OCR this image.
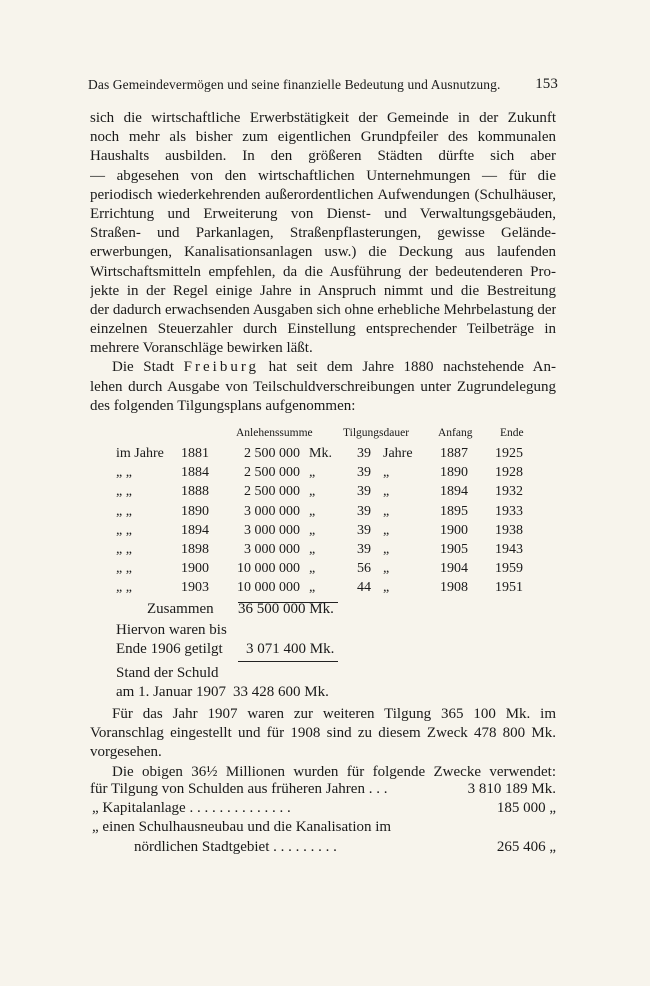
Das Gemeindevermögen und seine finanzielle Bedeutung und Ausnutzung. 153
sich die wirtschaftliche Erwerbstätigkeit der Gemeinde in der Zukunft
noch mehr als bisher zum eigentlichen Grundpfeiler des kommunalen
Haushalts ausbilden. In den größeren Städten dürfte sich aber
— abgesehen von den wirtschaftlichen Unternehmungen — für die
periodisch wiederkehrenden außerordentlichen Aufwendungen (Schulhäuser,
Errichtung und Erweiterung von Dienst- und Verwaltungsgebäuden,
Straßen- und Parkanlagen, Straßenpflasterungen, gewisse Gelände-
erwerbungen, Kanalisationsanlagen usw.) die Deckung aus laufenden
Wirtschaftsmitteln empfehlen, da die Ausführung der bedeutenderen Pro-
jekte in der Regel einige Jahre in Anspruch nimmt und die Bestreitung
der dadurch erwachsenden Ausgaben sich ohne erhebliche Mehrbelastung der
einzelnen Steuerzahler durch Einstellung entsprechender Teilbeträge in
mehrere Voranschläge bewirken läßt.
Die Stadt Freiburg hat seit dem Jahre 1880 nachstehende An-
lehen durch Ausgabe von Teilschuldverschreibungen unter Zugrundelegung
des folgenden Tilgungsplans aufgenommen:
Anlehenssumme	Tilgungsdauer	Anfang Ende
im Jahre 1881	2 500 000 Mk. 39 Jahre 1887 1925
„ „	1884	2 500 000 „	39 „	1890 1928
„ „	1888	2 500 000 „	39 „	1894 1932
„ „	1890	3 000 000 „	39 „	1895 1933
„ „	1894	3 000 000 „	39 „	1900 1938
„ „	1898	3 000 000 „	39 „	1905 1943
„ „	1900 10 000 000 „	56 „	1904 1959
„ „	1903 10 000 000 „	44 „	1908 1951
Zusammen 36 500 000 Mk.
Hiervon waren bis
Ende 1906 getilgt 3 071 400 Mk.
Stand der Schuld
am 1. Januar 1907 33 428 600 Mk.
Für das Jahr 1907 waren zur weiteren Tilgung 365 100 Mk. im
Voranschlag eingestellt und für 1908 sind zu diesem Zweck 478 800 Mk.
vorgesehen.
Die obigen 36½ Millionen wurden für folgende Zwecke verwendet:
für Tilgung von Schulden aus früheren Jahren . . .	3 810 189 Mk.
„ Kapitalanlage . . . . . . . . . . . . . .	185 000 „
„ einen Schulhausneubau und die Kanalisation im
nördlichen Stadtgebiet . . . . . . . . .	265 406 „
